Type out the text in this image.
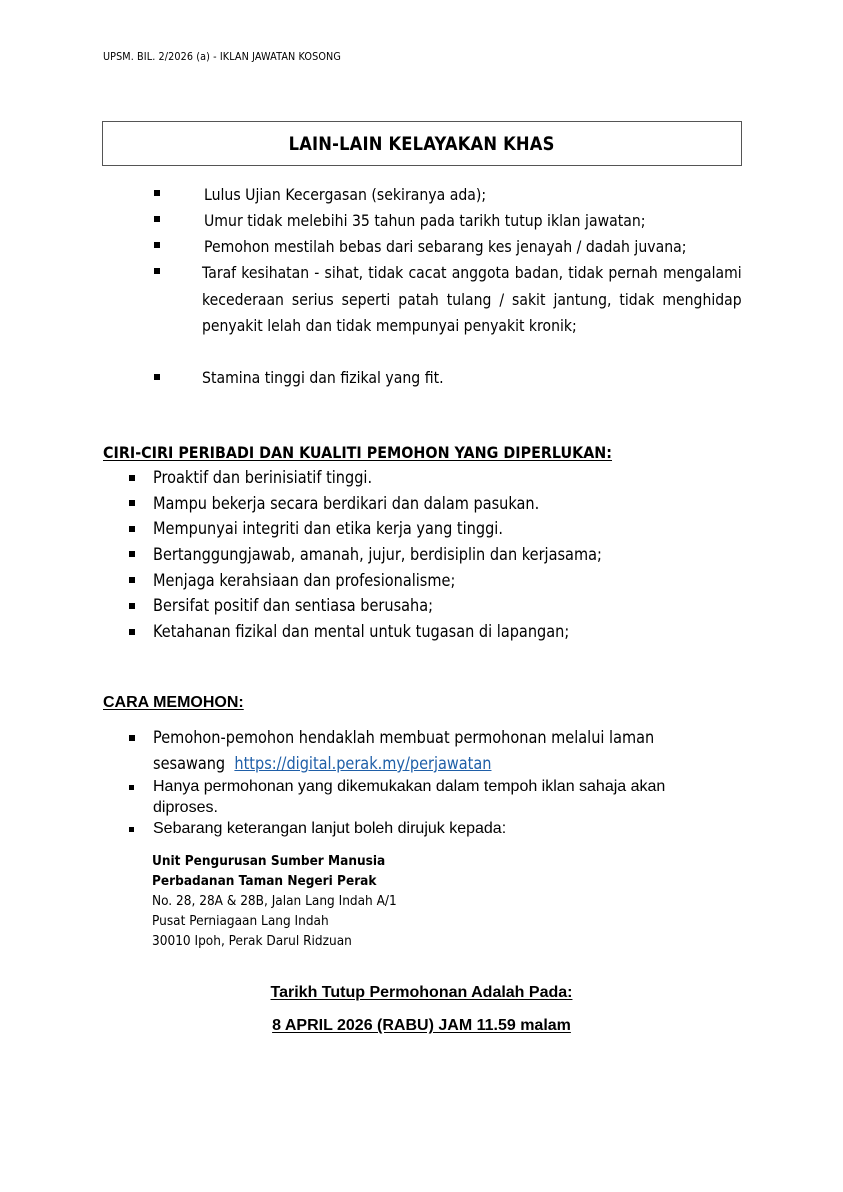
UPSM. BIL. 2/2026 (a) - IKLAN JAWATAN KOSONG
LAIN-LAIN KELAYAKAN KHAS
Lulus Ujian Kecergasan (sekiranya ada);
Umur tidak melebihi 35 tahun pada tarikh tutup iklan jawatan;
Pemohon mestilah bebas dari sebarang kes jenayah / dadah juvana;
Taraf kesihatan - sihat, tidak cacat anggota badan, tidak pernah mengalami kecederaan serius seperti patah tulang / sakit jantung, tidak menghidap penyakit lelah dan tidak mempunyai penyakit kronik;
Stamina tinggi dan fizikal yang fit.
CIRI-CIRI PERIBADI DAN KUALITI PEMOHON YANG DIPERLUKAN:
Proaktif dan berinisiatif tinggi.
Mampu bekerja secara berdikari dan dalam pasukan.
Mempunyai integriti dan etika kerja yang tinggi.
Bertanggungjawab, amanah, jujur, berdisiplin dan kerjasama;
Menjaga kerahsiaan dan profesionalisme;
Bersifat positif dan sentiasa berusaha;
Ketahanan fizikal dan mental untuk tugasan di lapangan;
CARA MEMOHON:
Pemohon-pemohon hendaklah membuat permohonan melalui laman
sesawang https://digital.perak.my/perjawatan
Hanya permohonan yang dikemukakan dalam tempoh iklan sahaja akan
diproses.
Sebarang keterangan lanjut boleh dirujuk kepada:
Unit Pengurusan Sumber Manusia
Perbadanan Taman Negeri Perak
No. 28, 28A & 28B, Jalan Lang Indah A/1
Pusat Perniagaan Lang Indah
30010 Ipoh, Perak Darul Ridzuan
Tarikh Tutup Permohonan Adalah Pada:
8 APRIL 2026 (RABU) JAM 11.59 malam
